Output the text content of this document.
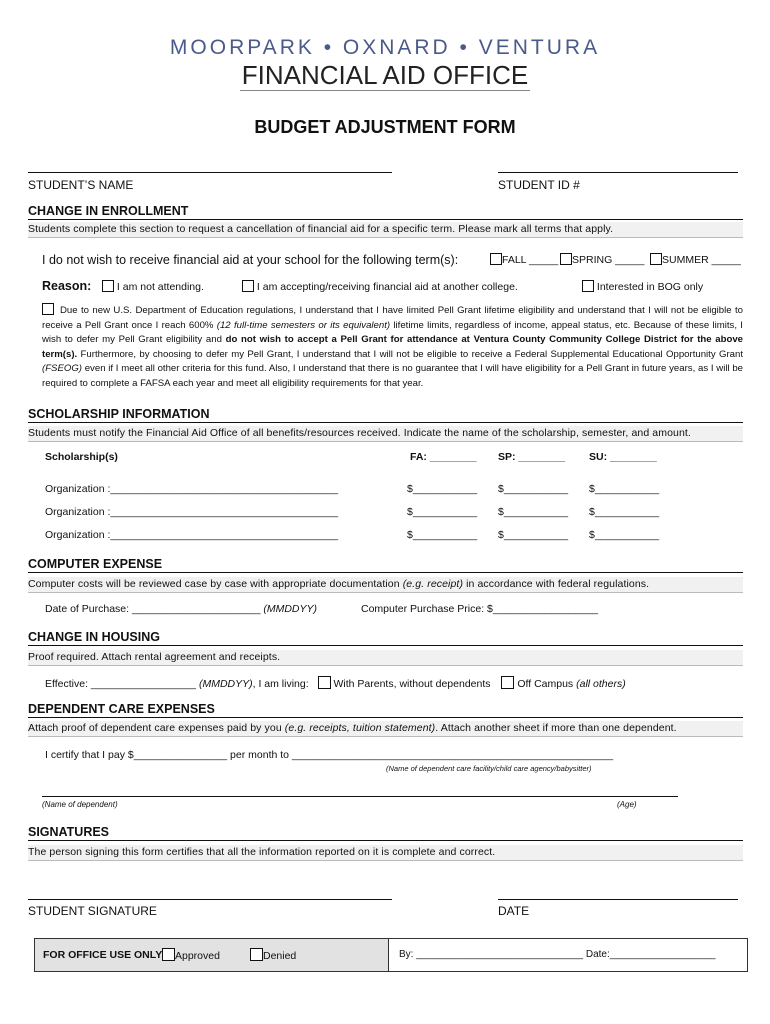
MOORPARK • OXNARD • VENTURA
FINANCIAL AID OFFICE
BUDGET ADJUSTMENT FORM
STUDENT’S NAME	STUDENT ID #
CHANGE IN ENROLLMENT
Students complete this section to request a cancellation of financial aid for a specific term. Please mark all terms that apply.
I do not wish to receive financial aid at your school for the following term(s):	FALL _____	SPRING _____	SUMMER _____
Reason:	I am not attending.	I am accepting/receiving financial aid at another college.	Interested in BOG only
Due to new U.S. Department of Education regulations, I understand that I have limited Pell Grant lifetime eligibility and understand that I will not be eligible to receive a Pell Grant once I reach 600% (12 full-time semesters or its equivalent) lifetime limits, regardless of income, appeal status, etc. Because of these limits, I wish to defer my Pell Grant eligibility and do not wish to accept a Pell Grant for attendance at Ventura County Community College District for the above term(s). Furthermore, by choosing to defer my Pell Grant, I understand that I will not be eligible to receive a Federal Supplemental Educational Opportunity Grant (FSEOG) even if I meet all other criteria for this fund. Also, I understand that there is no guarantee that I will have eligibility for a Pell Grant in future years, as I will be required to complete a FAFSA each year and meet all eligibility requirements for that year.
SCHOLARSHIP INFORMATION
Students must notify the Financial Aid Office of all benefits/resources received. Indicate the name of the scholarship, semester, and amount.
Scholarship(s)	FA: ________ SP: ________ SU: ________
Organization :_______________________________________	$___________ $___________ $___________
Organization :_______________________________________	$___________ $___________ $___________
Organization :_______________________________________	$___________ $___________ $___________
COMPUTER EXPENSE
Computer costs will be reviewed case by case with appropriate documentation (e.g. receipt) in accordance with federal regulations.
Date of Purchase: ______________________ (MMDDYY)	Computer Purchase Price: $__________________
CHANGE IN HOUSING
Proof required. Attach rental agreement and receipts.
Effective: __________________ (MMDDYY), I am living: With Parents, without dependents	Off Campus (all others)
DEPENDENT CARE EXPENSES
Attach proof of dependent care expenses paid by you (e.g. receipts, tuition statement). Attach another sheet if more than one dependent.
I certify that I pay $________________ per month to _______________________________________________________
(Name of dependent care facility/child care agency/babysitter)
(Name of dependent)	(Age)
SIGNATURES
The person signing this form certifies that all the information reported on it is complete and correct.
STUDENT SIGNATURE	DATE
FOR OFFICE USE ONLY	Approved	Denied	By: ______________________________ Date:___________________
